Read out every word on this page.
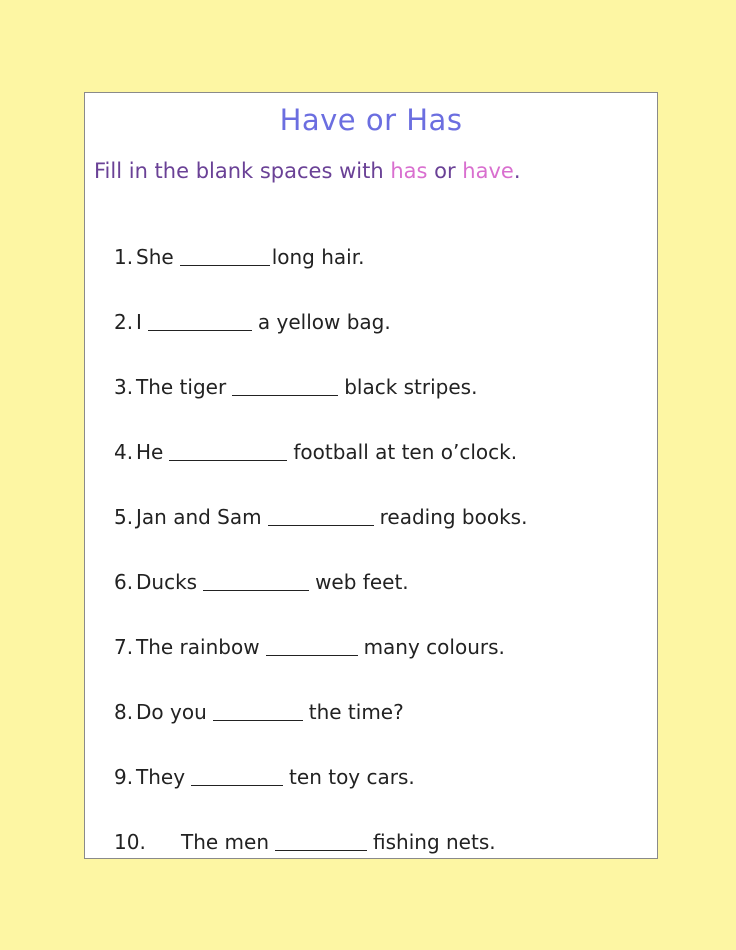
Have or Has
Fill in the blank spaces with has or have.
1. She	long hair.
2. I	a yellow bag.
3. The tiger	black stripes.
4. He	football at ten o’clock.
5. Jan and Sam	reading books.
6. Ducks	web feet.
7. The rainbow	many colours.
8. Do you	the time?
9. They	ten toy cars.
10.	The men	fishing nets.
